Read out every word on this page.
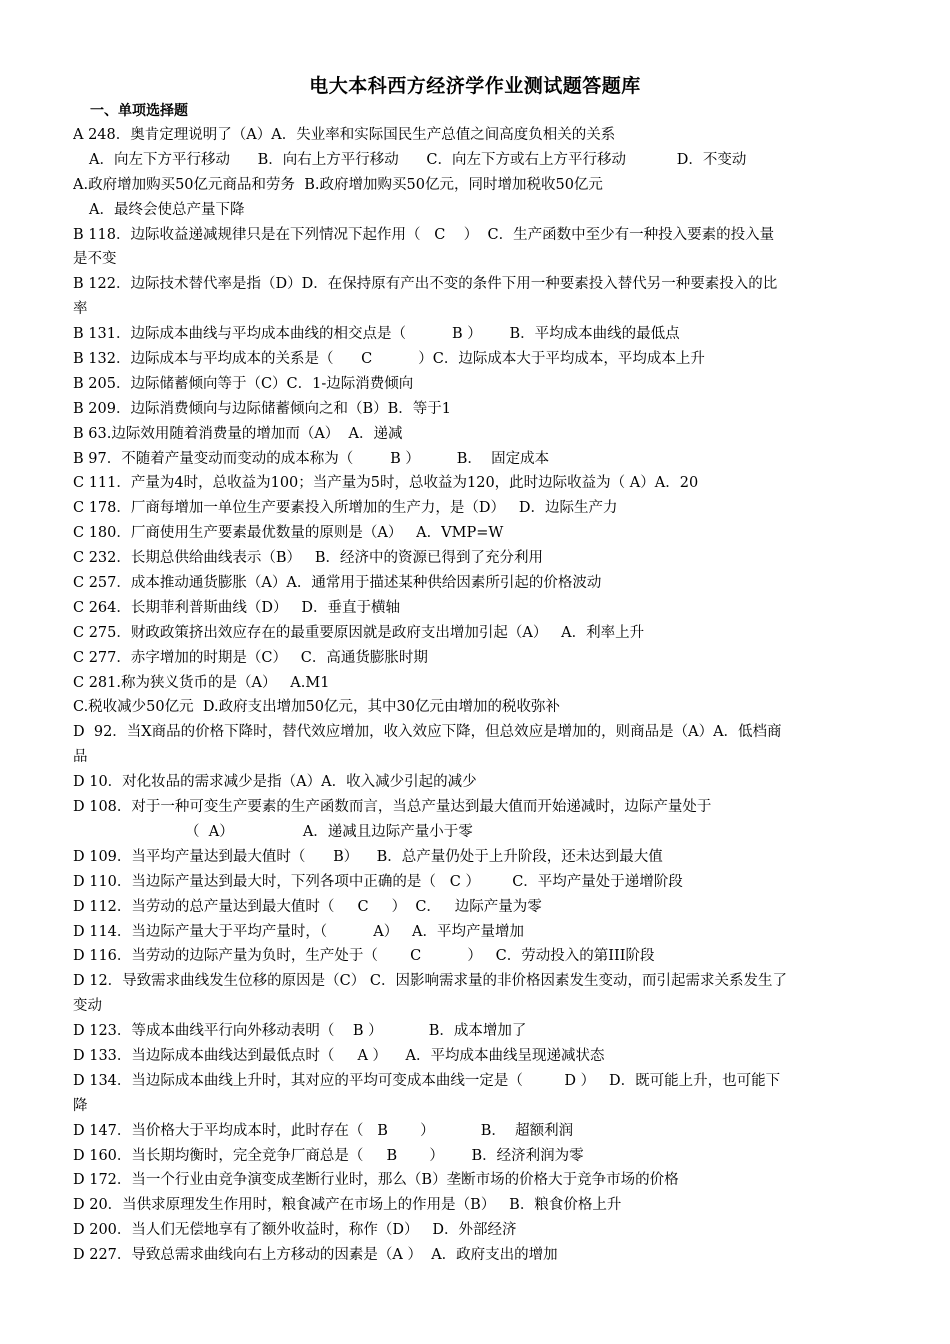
电大本科西方经济学作业测试题答题库
一、单项选择题
A 248．奥肯定理说明了（A）A．失业率和实际国民生产总值之间高度负相关的关系
A．向左下方平行移动      B．向右上方平行移动      C．向左下方或右上方平行移动           D．不变动
A.政府增加购买50亿元商品和劳务  B.政府增加购买50亿元，同时增加税收50亿元
A．最终会使总产量下降
B 118．边际收益递减规律只是在下列情况下起作用（   C    ）  C．生产函数中至少有一种投入要素的投入量
是不变
B 122．边际技术替代率是指（D）D．在保持原有产出不变的条件下用一种要素投入替代另一种要素投入的比
率
B 131．边际成本曲线与平均成本曲线的相交点是（          B ）      B．平均成本曲线的最低点
B 132．边际成本与平均成本的关系是（      C          ）C．边际成本大于平均成本，平均成本上升
B 205．边际储蓄倾向等于（C）C．1-边际消费倾向
B 209．边际消费倾向与边际储蓄倾向之和（B）B．等于1
B 63.边际效用随着消费量的增加而（A）  A．递减
B 97．不随着产量变动而变动的成本称为（        B ）        B．  固定成本
C 111．产量为4时，总收益为100；当产量为5时，总收益为120，此时边际收益为（ A）A．20
C 178．厂商每增加一单位生产要素投入所增加的生产力，是（D）   D．边际生产力
C 180．厂商使用生产要素最优数量的原则是（A）   A．VMP=W
C 232．长期总供给曲线表示（B）   B．经济中的资源已得到了充分利用
C 257．成本推动通货膨胀（A）A．通常用于描述某种供给因素所引起的价格波动
C 264．长期菲利普斯曲线（D）   D．垂直于横轴
C 275．财政政策挤出效应存在的最重要原因就是政府支出增加引起（A）   A．利率上升
C 277．赤字增加的时期是（C）   C．高通货膨胀时期
C 281.称为狭义货币的是（A）   A.M1
C.税收减少50亿元  D.政府支出增加50亿元，其中30亿元由增加的税收弥补
D  92．当X商品的价格下降时，替代效应增加，收入效应下降，但总效应是增加的，则商品是（A）A．低档商
品
D 10．对化妆品的需求减少是指（A）A．收入减少引起的减少
D 108．对于一种可变生产要素的生产函数而言，当总产量达到最大值而开始递减时，边际产量处于
（  A）               A．递减且边际产量小于零
D 109．当平均产量达到最大值时（      B）    B．总产量仍处于上升阶段，还未达到最大值
D 110．当边际产量达到最大时，下列各项中正确的是（   C ）       C．平均产量处于递增阶段
D 112．当劳动的总产量达到最大值时（     C     ）  C．   边际产量为零
D 114．当边际产量大于平均产量时，（          A）   A．平均产量增加
D 116．当劳动的边际产量为负时，生产处于（       C          ）   C．劳动投入的第III阶段
D 12．导致需求曲线发生位移的原因是（C） C．因影响需求量的非价格因素发生变动，而引起需求关系发生了
变动
D 123．等成本曲线平行向外移动表明（    B ）          B．成本增加了
D 133．当边际成本曲线达到最低点时（     A ）    A．平均成本曲线呈现递减状态
D 134．当边际成本曲线上升时，其对应的平均可变成本曲线一定是（         D ）   D．既可能上升，也可能下
降
D 147．当价格大于平均成本时，此时存在（   B       ）          B．  超额利润
D 160．当长期均衡时，完全竞争厂商总是（     B       ）      B．经济利润为零
D 172．当一个行业由竞争演变成垄断行业时，那么（B）垄断市场的价格大于竞争市场的价格
D 20．当供求原理发生作用时，粮食减产在市场上的作用是（B）   B．粮食价格上升
D 200．当人们无偿地享有了额外收益时，称作（D）   D．外部经济
D 227．导致总需求曲线向右上方移动的因素是（A ）  A．政府支出的增加
